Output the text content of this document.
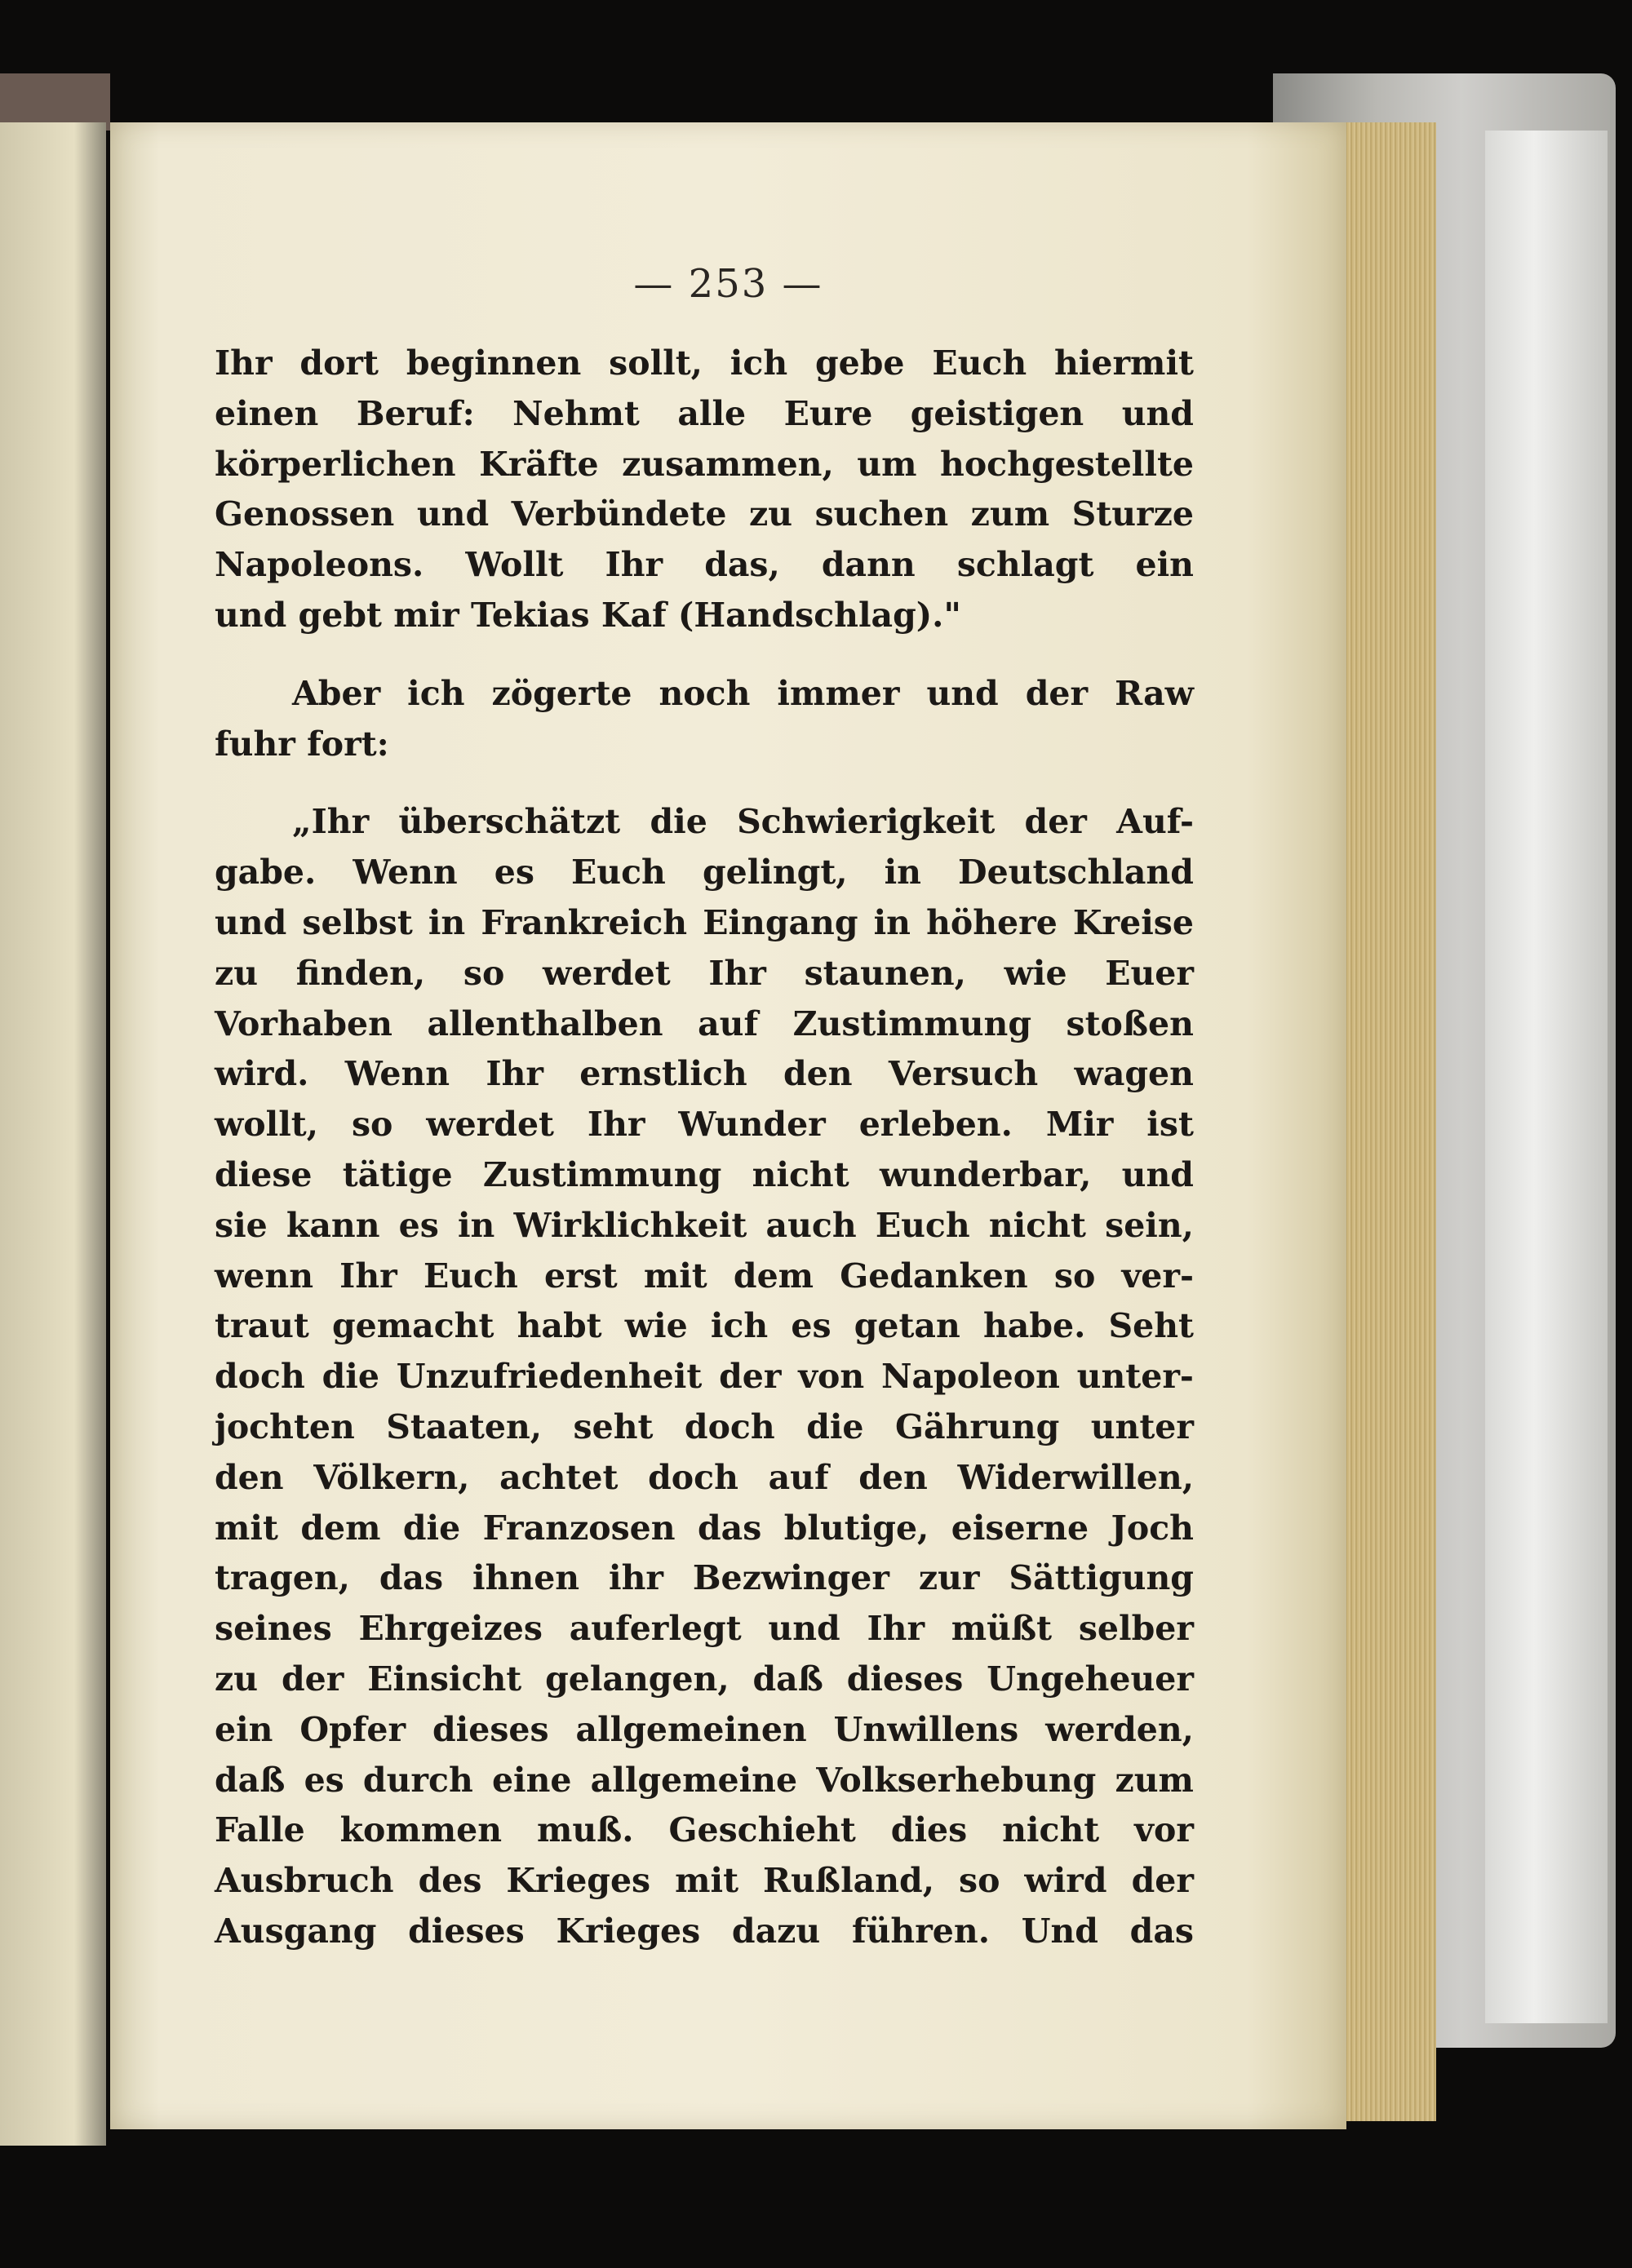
— 253 —
Ihr dort beginnen sollt, ich gebe Euch hiermit
einen Beruf: Nehmt alle Eure geistigen und
körperlichen Kräfte zusammen, um hochgestellte
Genossen und Verbündete zu suchen zum Sturze
Napoleons. Wollt Ihr das, dann schlagt ein
und gebt mir Tekias Kaf (Handschlag)."
Aber ich zögerte noch immer und der Raw
fuhr fort:
„Ihr überschätzt die Schwierigkeit der Auf-
gabe. Wenn es Euch gelingt, in Deutschland
und selbst in Frankreich Eingang in höhere Kreise
zu finden, so werdet Ihr staunen, wie Euer
Vorhaben allenthalben auf Zustimmung stoßen
wird. Wenn Ihr ernstlich den Versuch wagen
wollt, so werdet Ihr Wunder erleben. Mir ist
diese tätige Zustimmung nicht wunderbar, und
sie kann es in Wirklichkeit auch Euch nicht sein,
wenn Ihr Euch erst mit dem Gedanken so ver-
traut gemacht habt wie ich es getan habe. Seht
doch die Unzufriedenheit der von Napoleon unter-
jochten Staaten, seht doch die Gährung unter
den Völkern, achtet doch auf den Widerwillen,
mit dem die Franzosen das blutige, eiserne Joch
tragen, das ihnen ihr Bezwinger zur Sättigung
seines Ehrgeizes auferlegt und Ihr müßt selber
zu der Einsicht gelangen, daß dieses Ungeheuer
ein Opfer dieses allgemeinen Unwillens werden,
daß es durch eine allgemeine Volkserhebung zum
Falle kommen muß. Geschieht dies nicht vor
Ausbruch des Krieges mit Rußland, so wird der
Ausgang dieses Krieges dazu führen. Und das
